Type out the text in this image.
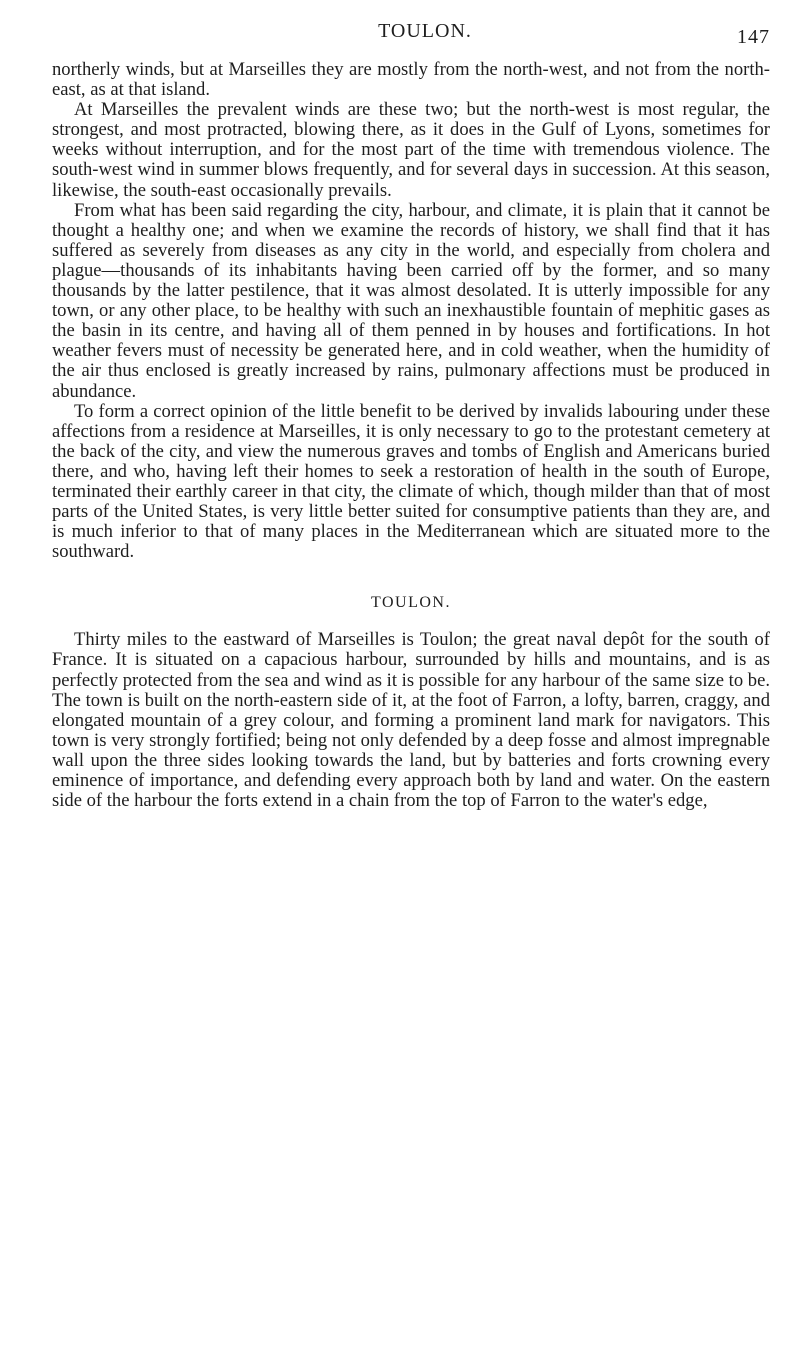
TOULON.	147

northerly winds, but at Marseilles they are mostly from the north-west, and not from the north-east, as at that island.

At Marseilles the prevalent winds are these two; but the north-west is most regular, the strongest, and most protracted, blowing there, as it does in the Gulf of Lyons, sometimes for weeks without interruption, and for the most part of the time with tremendous violence. The south-west wind in summer blows frequently, and for several days in succession. At this season, likewise, the south-east occasionally prevails.

From what has been said regarding the city, harbour, and climate, it is plain that it cannot be thought a healthy one; and when we examine the records of history, we shall find that it has suffered as severely from diseases as any city in the world, and especially from cholera and plague—thousands of its inhabitants having been carried off by the former, and so many thousands by the latter pestilence, that it was almost desolated. It is utterly impossible for any town, or any other place, to be healthy with such an inexhaustible fountain of mephitic gases as the basin in its centre, and having all of them penned in by houses and fortifications. In hot weather fevers must of necessity be generated here, and in cold weather, when the humidity of the air thus enclosed is greatly increased by rains, pulmonary affections must be produced in abundance.

To form a correct opinion of the little benefit to be derived by invalids labouring under these affections from a residence at Marseilles, it is only necessary to go to the protestant cemetery at the back of the city, and view the numerous graves and tombs of English and Americans buried there, and who, having left their homes to seek a restoration of health in the south of Europe, terminated their earthly career in that city, the climate of which, though milder than that of most parts of the United States, is very little better suited for consumptive patients than they are, and is much inferior to that of many places in the Mediterranean which are situated more to the southward.

TOULON.

Thirty miles to the eastward of Marseilles is Toulon; the great naval depôt for the south of France. It is situated on a capacious harbour, surrounded by hills and mountains, and is as perfectly protected from the sea and wind as it is possible for any harbour of the same size to be. The town is built on the north-eastern side of it, at the foot of Farron, a lofty, barren, craggy, and elongated mountain of a grey colour, and forming a prominent land mark for navigators. This town is very strongly fortified; being not only defended by a deep fosse and almost impregnable wall upon the three sides looking towards the land, but by batteries and forts crowning every eminence of importance, and defending every approach both by land and water. On the eastern side of the harbour the forts extend in a chain from the top of Farron to the water's edge,
